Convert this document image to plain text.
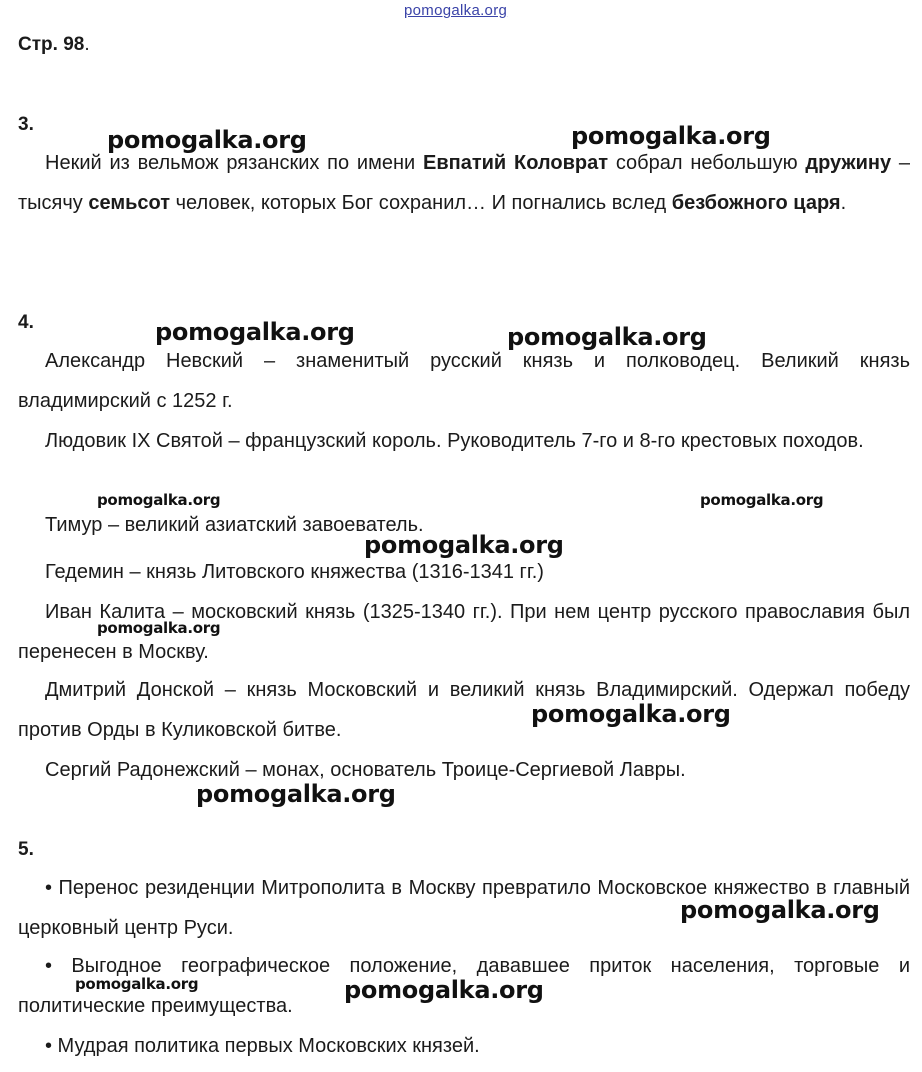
pomogalka.org
Стр. 98.
3.

Некий из вельмож рязанских по имени Евпатий Коловрат собрал небольшую дружину – тысячу семьсот человек, которых Бог сохранил… И погнались вслед безбожного царя.

4.

Александр Невский – знаменитый русский князь и полководец. Великий князь владимирский с 1252 г.

Людовик IX Святой – французский король. Руководитель 7-го и 8-го крестовых походов.

Тимур – великий азиатский завоеватель.

Гедемин – князь Литовского княжества (1316-1341 гг.)

Иван Калита – московский князь (1325-1340 гг.). При нем центр русского православия был перенесен в Москву.

Дмитрий Донской – князь Московский и великий князь Владимирский. Одержал победу против Орды в Куликовской битве.

Сергий Радонежский – монах, основатель Троице-Сергиевой Лавры.

5.

• Перенос резиденции Митрополита в Москву превратило Московское княжество в главный церковный центр Руси.

• Выгодное географическое положение, дававшее приток населения, торговые и политические преимущества.

• Мудрая политика первых Московских князей.

pomogalka.org	pomogalka.org
pomogalka.org	pomogalka.org
pomogalka.org	pomogalka.org
pomogalka.org
pomogalka.org
pomogalka.org
pomogalka.org
pomogalka.org
pomogalka.org	pomogalka.org
